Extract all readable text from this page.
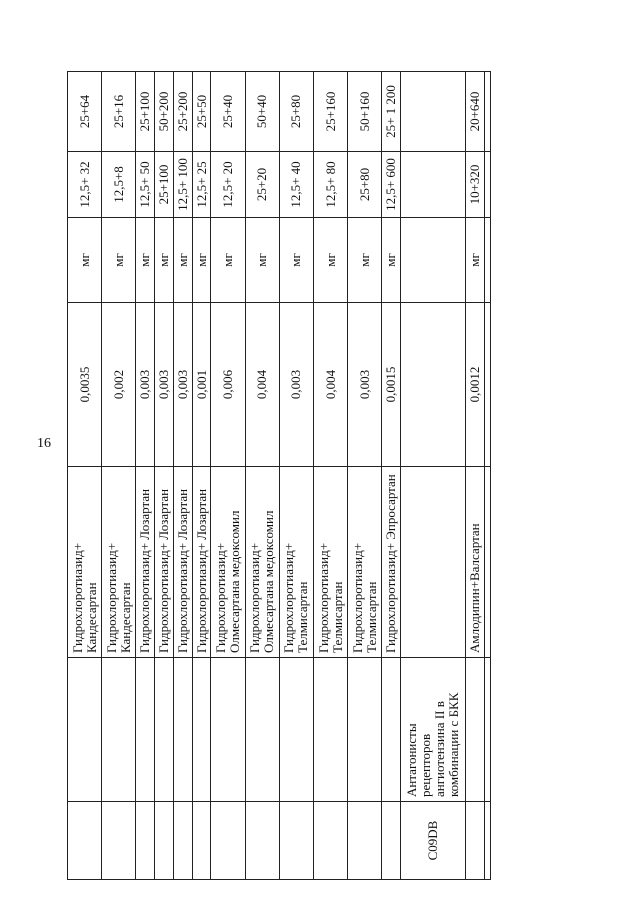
16
		Гидрохлоротиазид+ Кандесартан	0,0035	мг	12,5+ 32	25+64
		Гидрохлоротиазид+ Кандесартан	0,002	мг	12,5+8	25+16
		Гидрохлоротиазид+ Лозартан	0,003	мг	12,5+ 50	25+100
		Гидрохлоротиазид+ Лозартан	0,003	мг	25+100	50+200
		Гидрохлоротиазид+ Лозартан	0,003	мг	12,5+ 100	25+200
		Гидрохлоротиазид+ Лозартан	0,001	мг	12,5+ 25	25+50
		Гидрохлоротиазид+ Олмесартана медоксомил	0,006	мг	12,5+ 20	25+40
		Гидрохлоротиазид+ Олмесартана медоксомил	0,004	мг	25+20	50+40
		Гидрохлоротиазид+ Телмисартан	0,003	мг	12,5+ 40	25+80
		Гидрохлоротиазид+ Телмисартан	0,004	мг	12,5+ 80	25+160
		Гидрохлоротиазид+ Телмисартан	0,003	мг	25+80	50+160
		Гидрохлоротиазид+ Эпросартан	0,0015	мг	12,5+ 600	25+ 1 200
C09DB	Антагонисты рецепторов ангиотензина II в комбинации с БКК					
		Амлодипин+Валсартан	0,0012	мг	10+320	20+640
